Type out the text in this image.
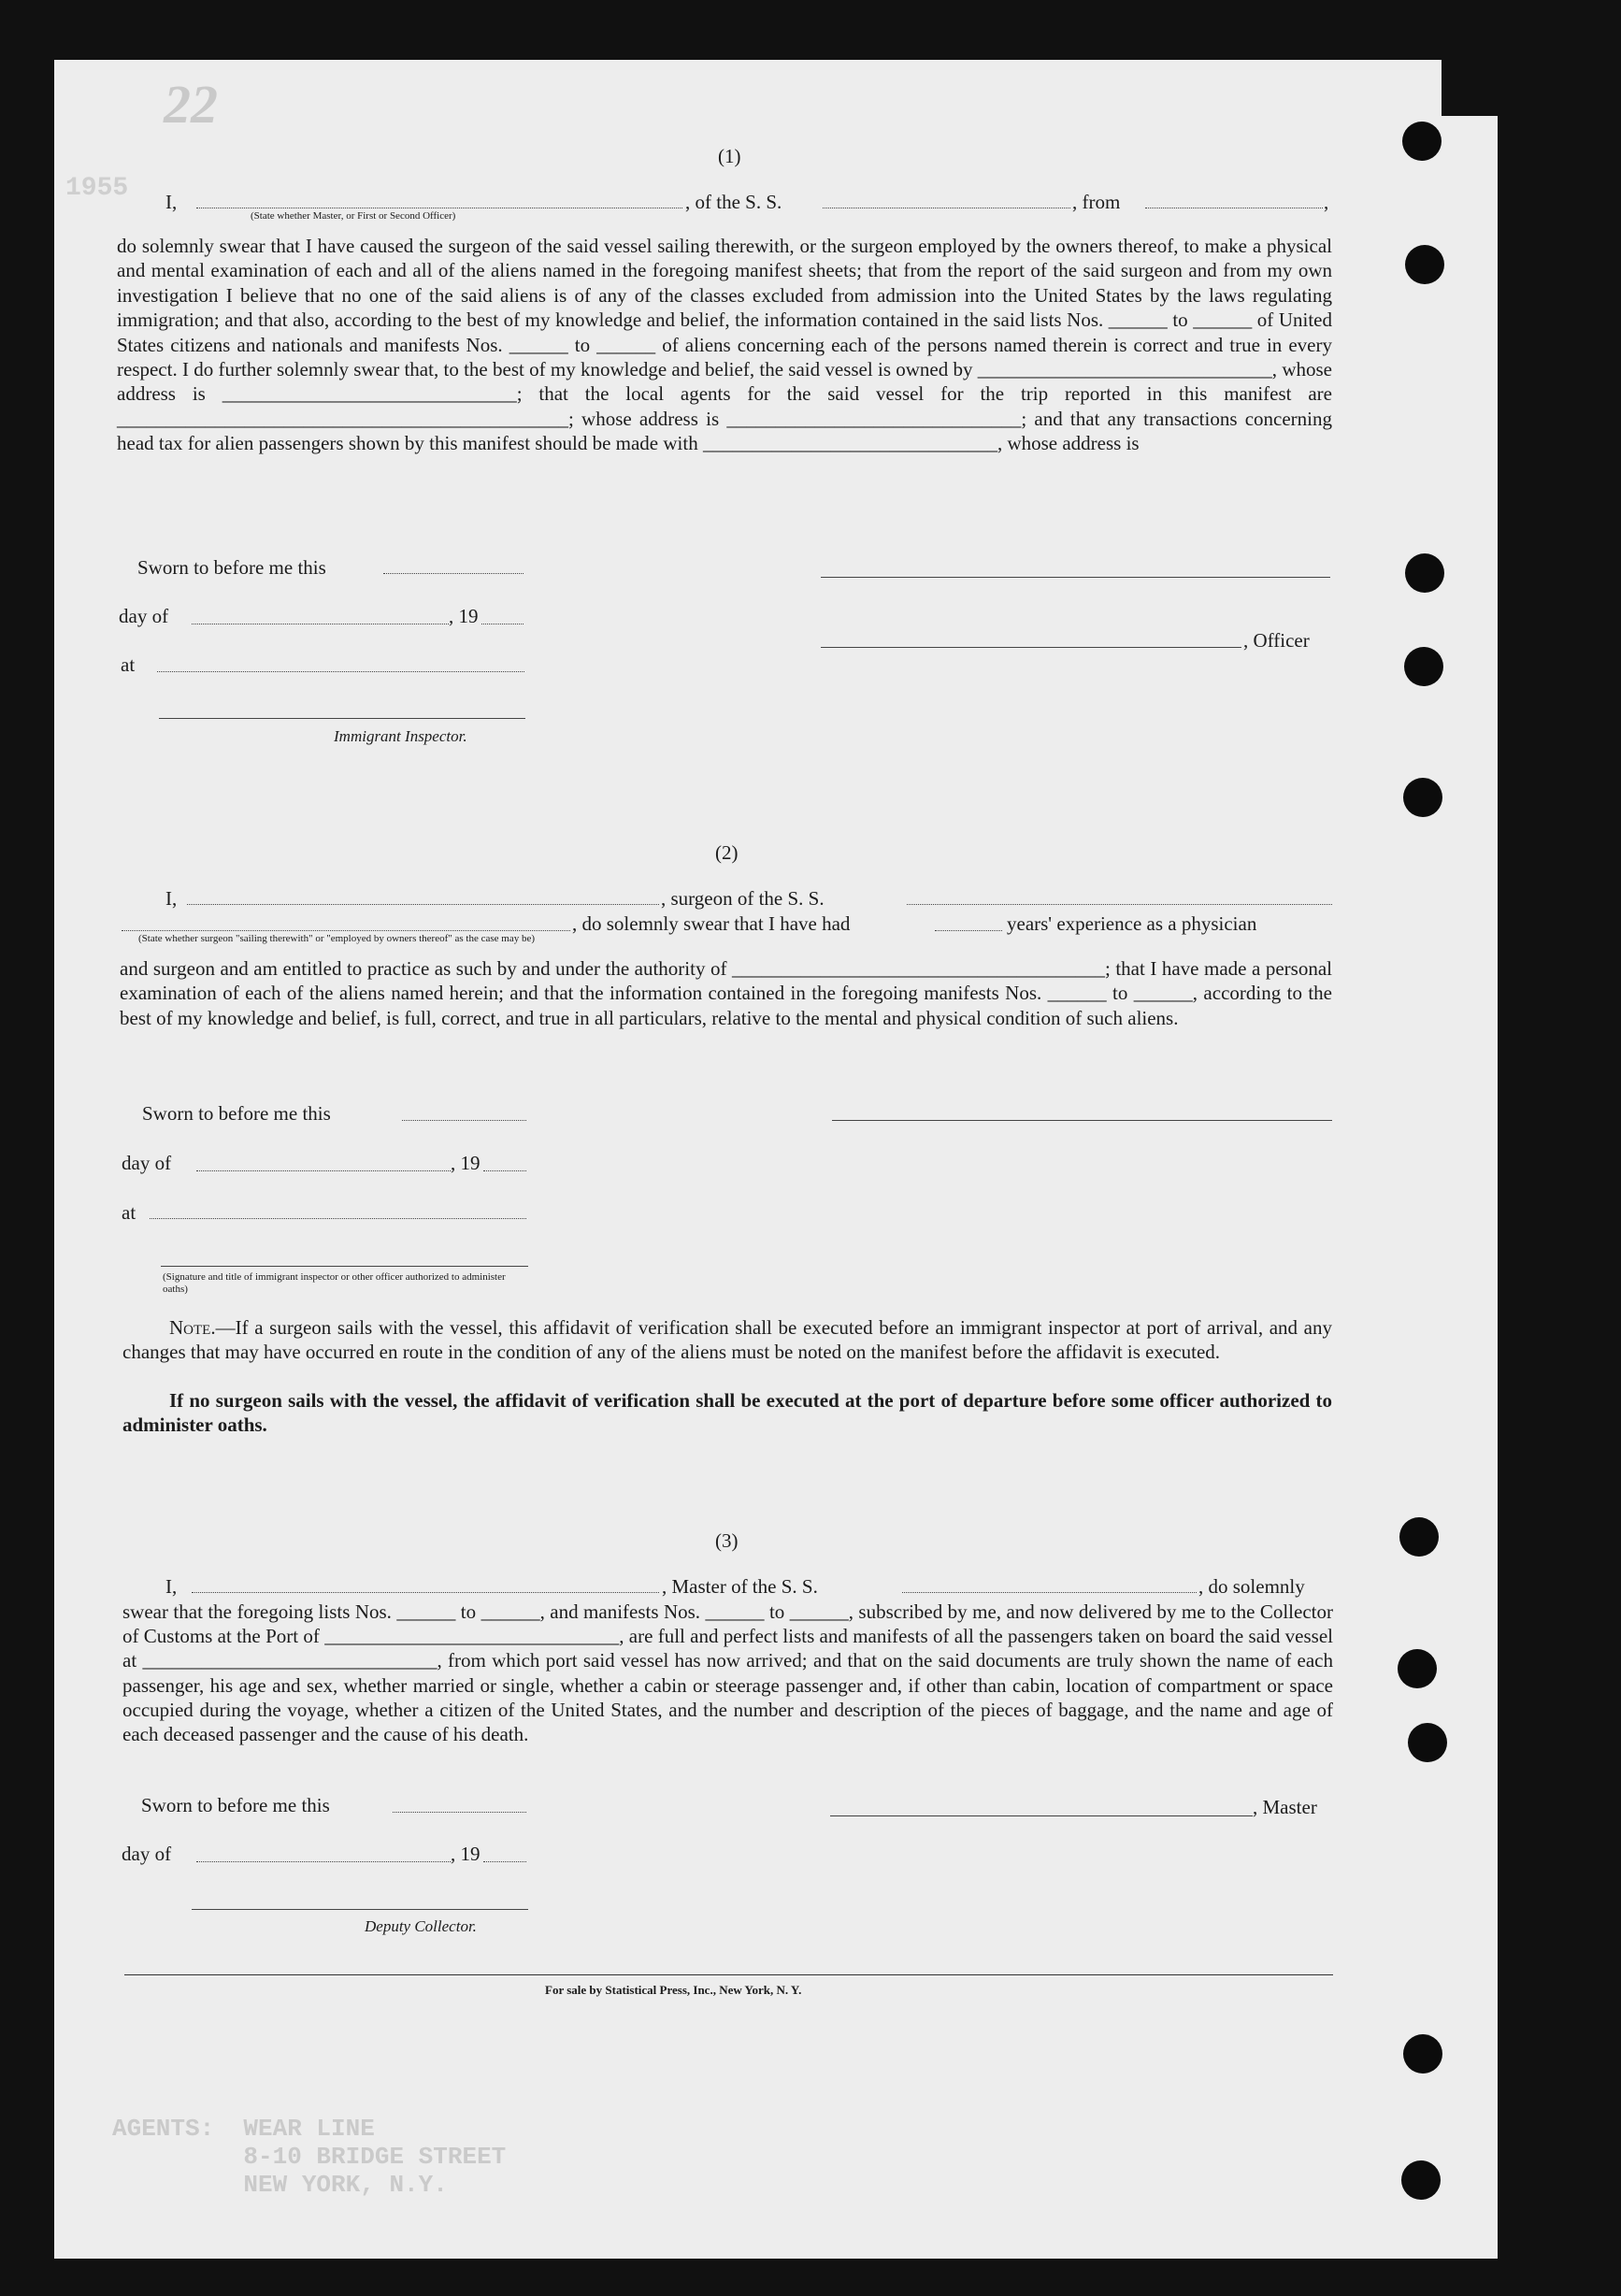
22
1955
AGENTS:  WEAR LINE
8-10 BRIDGE STREET
NEW YORK, N.Y.
(1)
I,	, of the S. S.	, from	,
(State whether Master, or First or Second Officer)
do solemnly swear that I have caused the surgeon of the said vessel sailing therewith, or the surgeon employed by the owners thereof, to make a physical and mental examination of each and all of the aliens named in the foregoing manifest sheets; that from the report of the said surgeon and from my own investigation I believe that no one of the said aliens is of any of the classes excluded from admission into the United States by the laws regulating immigration; and that also, according to the best of my knowledge and belief, the information contained in the said lists Nos. ______ to ______ of United States citizens and nationals and manifests Nos. ______ to ______ of aliens concerning each of the persons named therein is correct and true in every respect. I do further solemnly swear that, to the best of my knowledge and belief, the said vessel is owned by ______________________________, whose address is ______________________________; that the local agents for the said vessel for the trip reported in this manifest are ______________________________________________; whose address is ______________________________; and that any transactions concerning head tax for alien passengers shown by this manifest should be made with ______________________________, whose address is
Sworn to before me this
day of	, 19
, Officer
at
Immigrant Inspector.
(2)
I,	, surgeon of the S. S.
, do solemnly swear that I have had	years' experience as a physician
(State whether surgeon "sailing therewith" or "employed by owners thereof" as the case may be)
and surgeon and am entitled to practice as such by and under the authority of ______________________________________; that I have made a personal examination of each of the aliens named herein; and that the information contained in the foregoing manifests Nos. ______ to ______, according to the best of my knowledge and belief, is full, correct, and true in all particulars, relative to the mental and physical condition of such aliens.
Sworn to before me this
day of	, 19
at
(Signature and title of immigrant inspector or other officer authorized to administer oaths)
Note.—If a surgeon sails with the vessel, this affidavit of verification shall be executed before an immigrant inspector at port of arrival, and any changes that may have occurred en route in the condition of any of the aliens must be noted on the manifest before the affidavit is executed.
If no surgeon sails with the vessel, the affidavit of verification shall be executed at the port of departure before some officer authorized to administer oaths.
(3)
I,	, Master of the S. S.	, do solemnly
swear that the foregoing lists Nos. ______ to ______, and manifests Nos. ______ to ______, subscribed by me, and now delivered by me to the Collector of Customs at the Port of ______________________________, are full and perfect lists and manifests of all the passengers taken on board the said vessel at ______________________________, from which port said vessel has now arrived; and that on the said documents are truly shown the name of each passenger, his age and sex, whether married or single, whether a cabin or steerage passenger and, if other than cabin, location of compartment or space occupied during the voyage, whether a citizen of the United States, and the number and description of the pieces of baggage, and the name and age of each deceased passenger and the cause of his death.
Sworn to before me this	, Master
day of	, 19
Deputy Collector.
For sale by Statistical Press, Inc., New York, N. Y.
